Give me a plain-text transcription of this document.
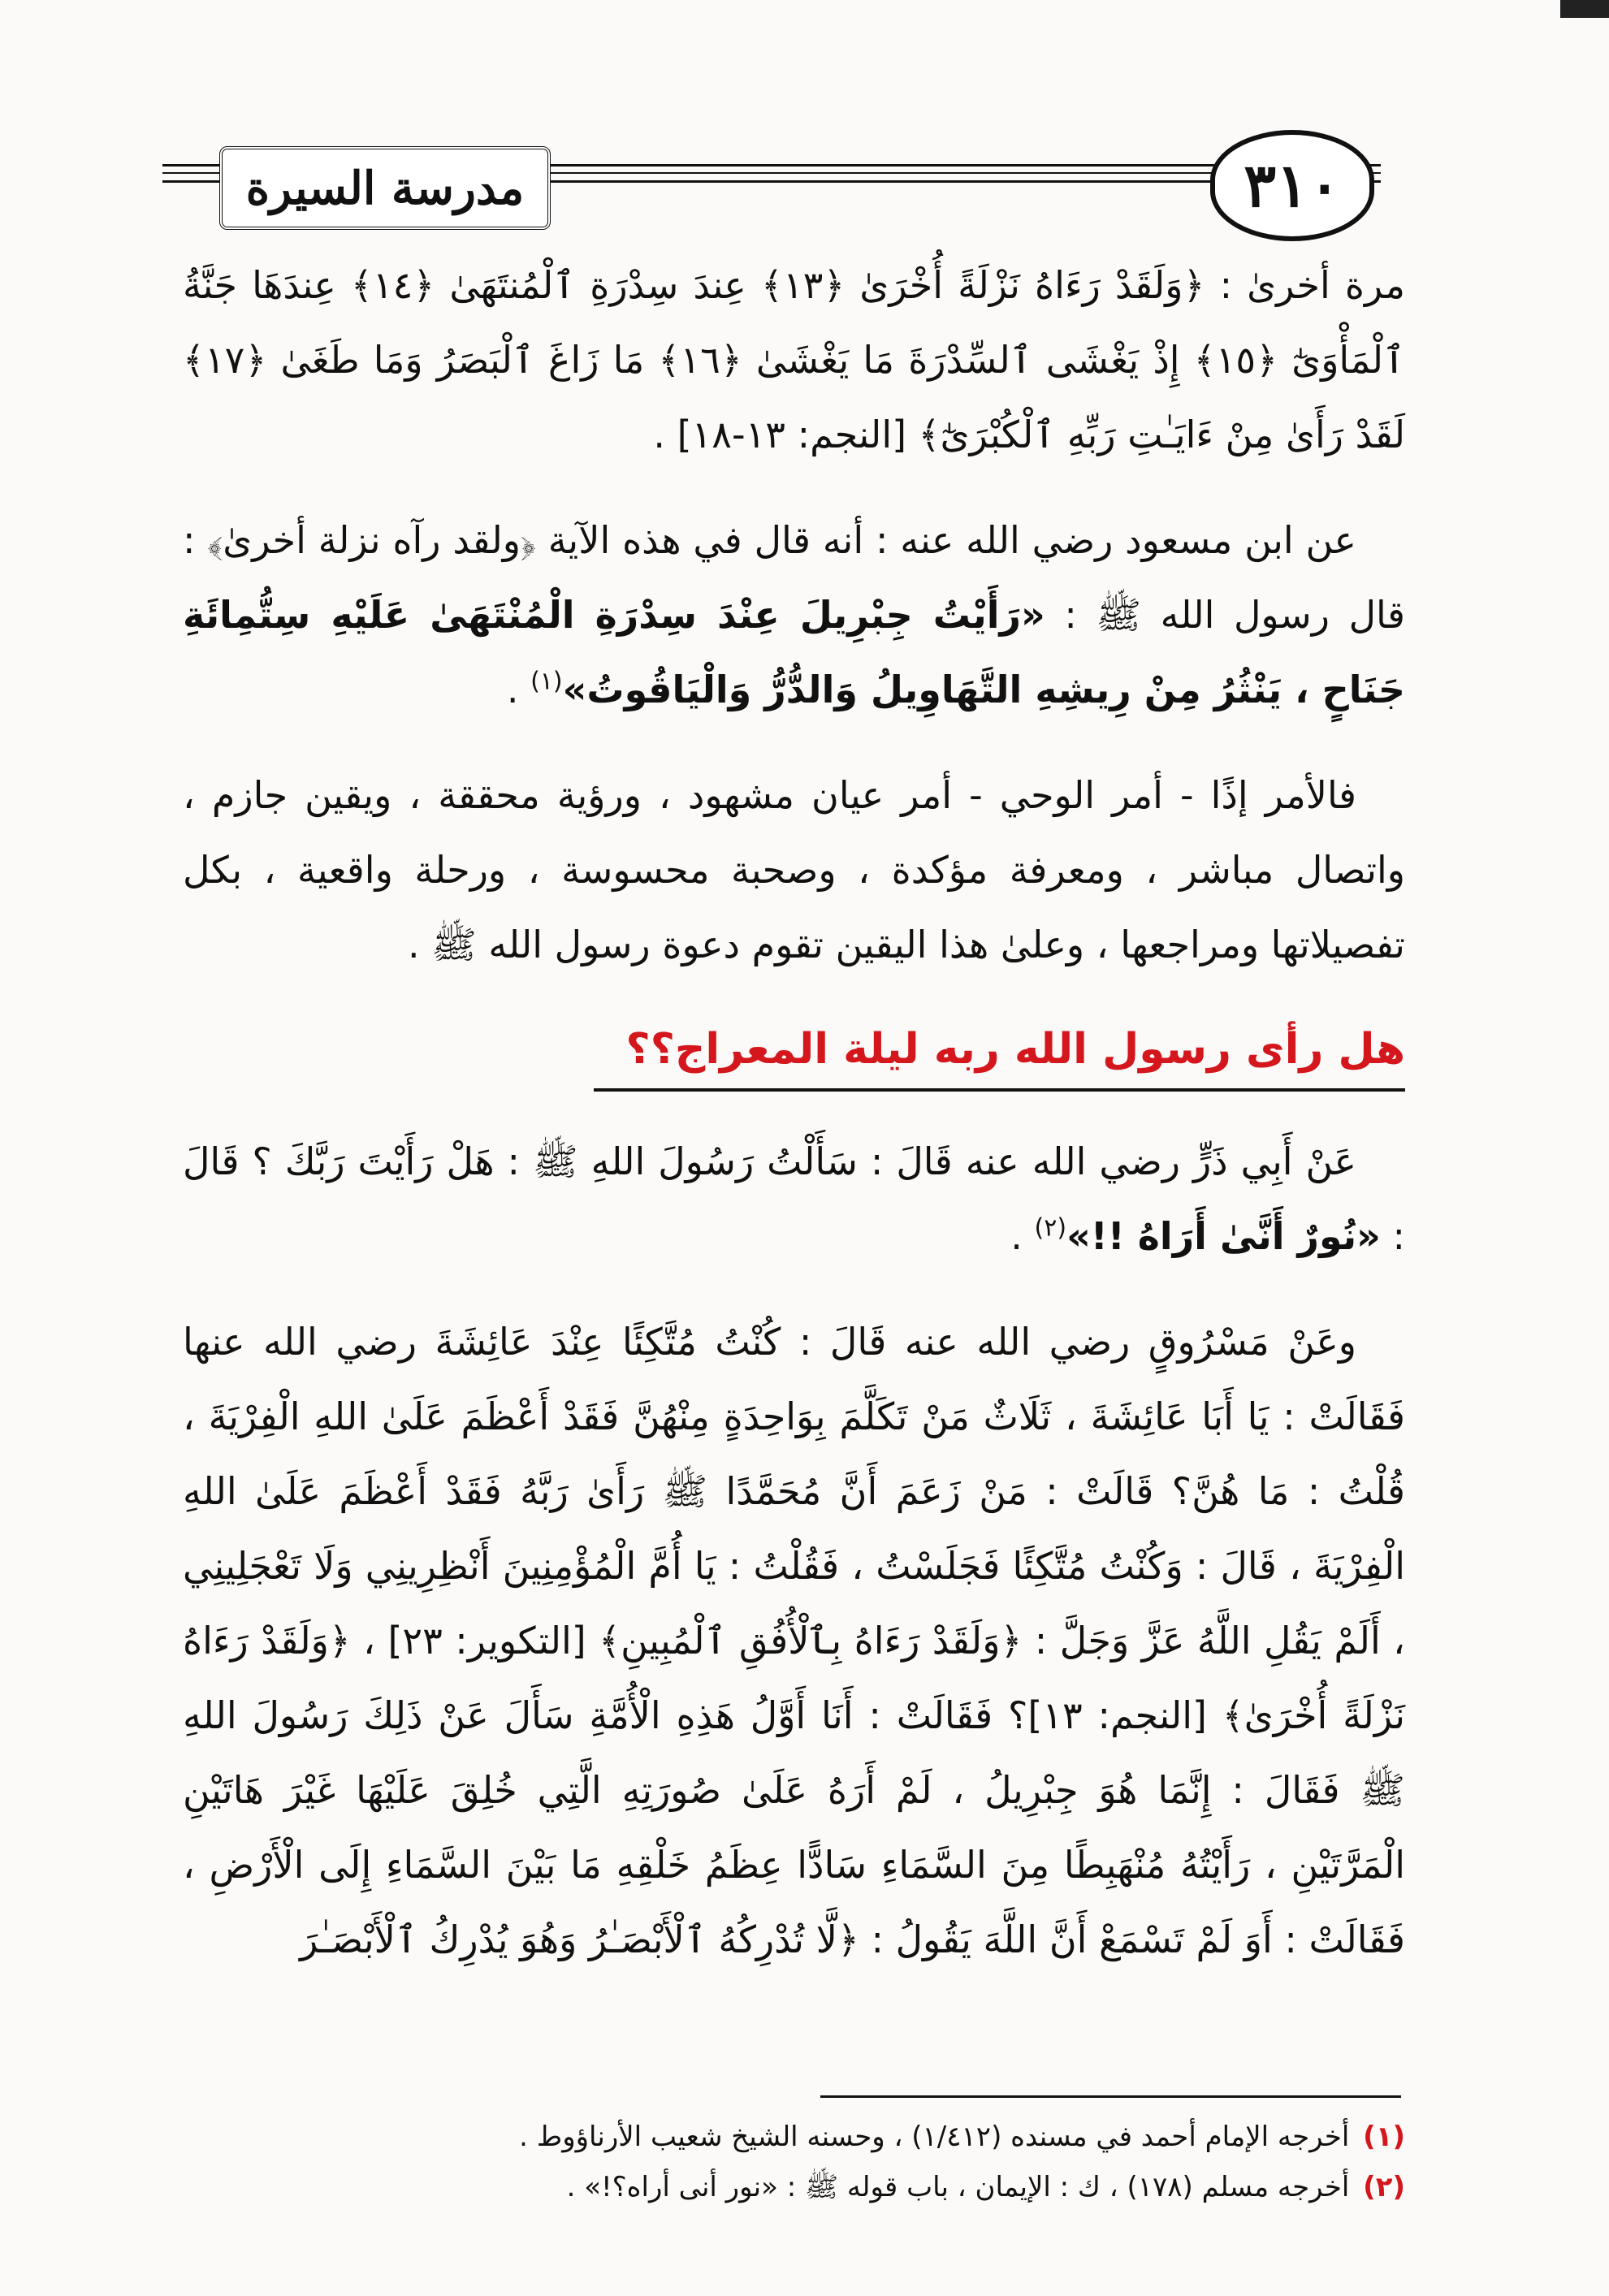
مدرسة السيرة	٣١٠

مرة أخرىٰ : ﴿وَلَقَدْ رَءَاهُ نَزْلَةً أُخْرَىٰ ﴿١٣﴾ عِندَ سِدْرَةِ ٱلْمُنتَهَىٰ ﴿١٤﴾ عِندَهَا جَنَّةُ ٱلْمَأْوَىٰٓ ﴿١٥﴾ إِذْ يَغْشَى ٱلسِّدْرَةَ مَا يَغْشَىٰ ﴿١٦﴾ مَا زَاغَ ٱلْبَصَرُ وَمَا طَغَىٰ ﴿١٧﴾ لَقَدْ رَأَىٰ مِنْ ءَايَـٰتِ رَبِّهِ ٱلْكُبْرَىٰٓ﴾ [النجم: ١٣-١٨] .

عن ابن مسعود رضي الله عنه : أنه قال في هذه الآية ﴿ولقد رآه نزلة أخرىٰ﴾ : قال رسول الله ﷺ : «رَأَيْتُ جِبْرِيلَ عِنْدَ سِدْرَةِ الْمُنْتَهَىٰ عَلَيْهِ سِتُّمِائَةِ جَنَاحٍ ، يَنْثُرُ مِنْ رِيشِهِ التَّهَاوِيلُ وَالدُّرُّ وَالْيَاقُوتُ»$^{(١)}$ .

فالأمر إذًا - أمر الوحي - أمر عيان مشهود ، ورؤية محققة ، ويقين جازم ، واتصال مباشر ، ومعرفة مؤكدة ، وصحبة محسوسة ، ورحلة واقعية ، بكل تفصيلاتها ومراجعها ، وعلىٰ هذا اليقين تقوم دعوة رسول الله ﷺ .

هل رأى رسول الله ربه ليلة المعراج؟؟

عَنْ أَبِي ذَرٍّ رضي الله عنه قَالَ : سَأَلْتُ رَسُولَ اللهِ ﷺ : هَلْ رَأَيْتَ رَبَّكَ ؟ قَالَ : «نُورٌ أَنَّىٰ أَرَاهُ !!»$^{(٢)}$ .

وعَنْ مَسْرُوقٍ رضي الله عنه قَالَ : كُنْتُ مُتَّكِئًا عِنْدَ عَائِشَةَ رضي الله عنها فَقَالَتْ : يَا أَبَا عَائِشَةَ ، ثَلَاثٌ مَنْ تَكَلَّمَ بِوَاحِدَةٍ مِنْهُنَّ فَقَدْ أَعْظَمَ عَلَىٰ اللهِ الْفِرْيَةَ ، قُلْتُ : مَا هُنَّ؟ قَالَتْ : مَنْ زَعَمَ أَنَّ مُحَمَّدًا ﷺ رَأَىٰ رَبَّهُ فَقَدْ أَعْظَمَ عَلَىٰ اللهِ الْفِرْيَةَ ، قَالَ : وَكُنْتُ مُتَّكِئًا فَجَلَسْتُ ، فَقُلْتُ : يَا أُمَّ الْمُؤْمِنِينَ أَنْظِرِينِي وَلَا تَعْجَلِينِي ، أَلَمْ يَقُلِ اللَّهُ عَزَّ وَجَلَّ : ﴿وَلَقَدْ رَءَاهُ بِٱلْأُفُقِ ٱلْمُبِينِ﴾ [التكوير: ٢٣] ، ﴿وَلَقَدْ رَءَاهُ نَزْلَةً أُخْرَىٰ﴾ [النجم: ١٣]؟ فَقَالَتْ : أَنَا أَوَّلُ هَذِهِ الْأُمَّةِ سَأَلَ عَنْ ذَلِكَ رَسُولَ اللهِ ﷺ فَقَالَ : إِنَّمَا هُوَ جِبْرِيلُ ، لَمْ أَرَهُ عَلَىٰ صُورَتِهِ الَّتِي خُلِقَ عَلَيْهَا غَيْرَ هَاتَيْنِ الْمَرَّتَيْنِ ، رَأَيْتُهُ مُنْهَبِطًا مِنَ السَّمَاءِ سَادًّا عِظَمُ خَلْقِهِ مَا بَيْنَ السَّمَاءِ إِلَى الْأَرْضِ ، فَقَالَتْ : أَوَ لَمْ تَسْمَعْ أَنَّ اللَّهَ يَقُولُ : ﴿لَّا تُدْرِكُهُ ٱلْأَبْصَـٰرُ وَهُوَ يُدْرِكُ ٱلْأَبْصَـٰرَ

(١) أخرجه الإمام أحمد في مسنده (١/٤١٢) ، وحسنه الشيخ شعيب الأرناؤوط .
(٢) أخرجه مسلم (١٧٨) ، ك : الإيمان ، باب قوله ﷺ : «نور أنى أراه؟!» .
